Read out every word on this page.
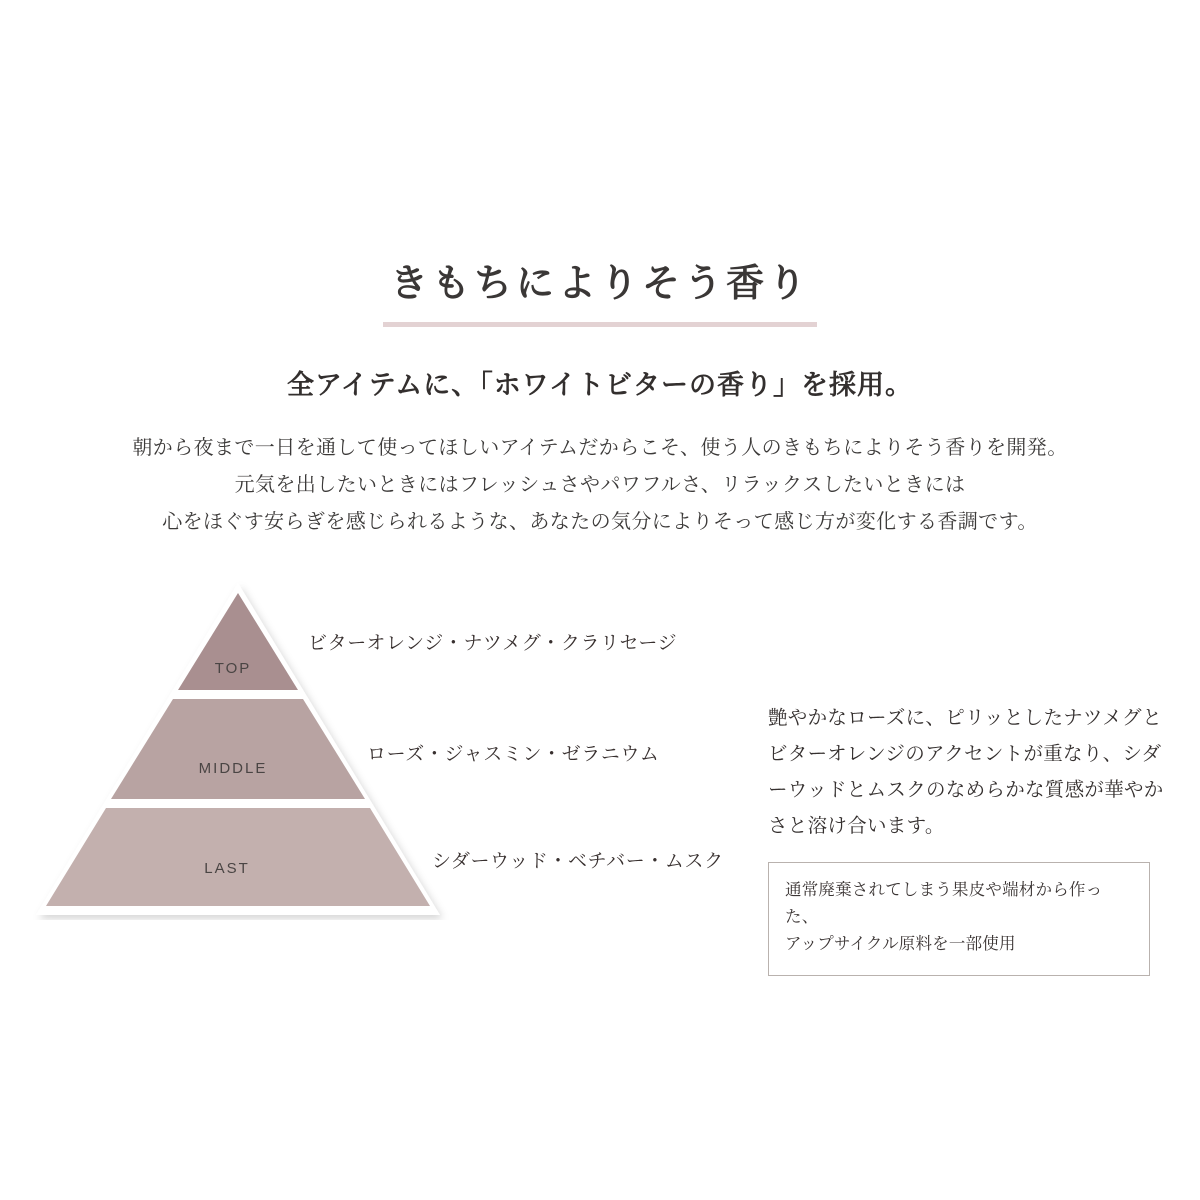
きもちによりそう香り
全アイテムに、「ホワイトビターの香り」を採用。

朝から夜まで一日を通して使ってほしいアイテムだからこそ、使う人のきもちによりそう香りを開発。

元気を出したいときにはフレッシュさやパワフルさ、リラックスしたいときには

心をほぐす安らぎを感じられるような、あなたの気分によりそって感じ方が変化する香調です。

TOP
MIDDLE
LAST
ビターオレンジ・ナツメグ・クラリセージ
ローズ・ジャスミン・ゼラニウム
シダーウッド・ベチバー・ムスク

艶やかなローズに、ピリッとしたナツメグとビターオレンジのアクセントが重なり、シダーウッドとムスクのなめらかな質感が華やかさと溶け合います。

通常廃棄されてしまう果皮や端材から作った、

アップサイクル原料を一部使用
